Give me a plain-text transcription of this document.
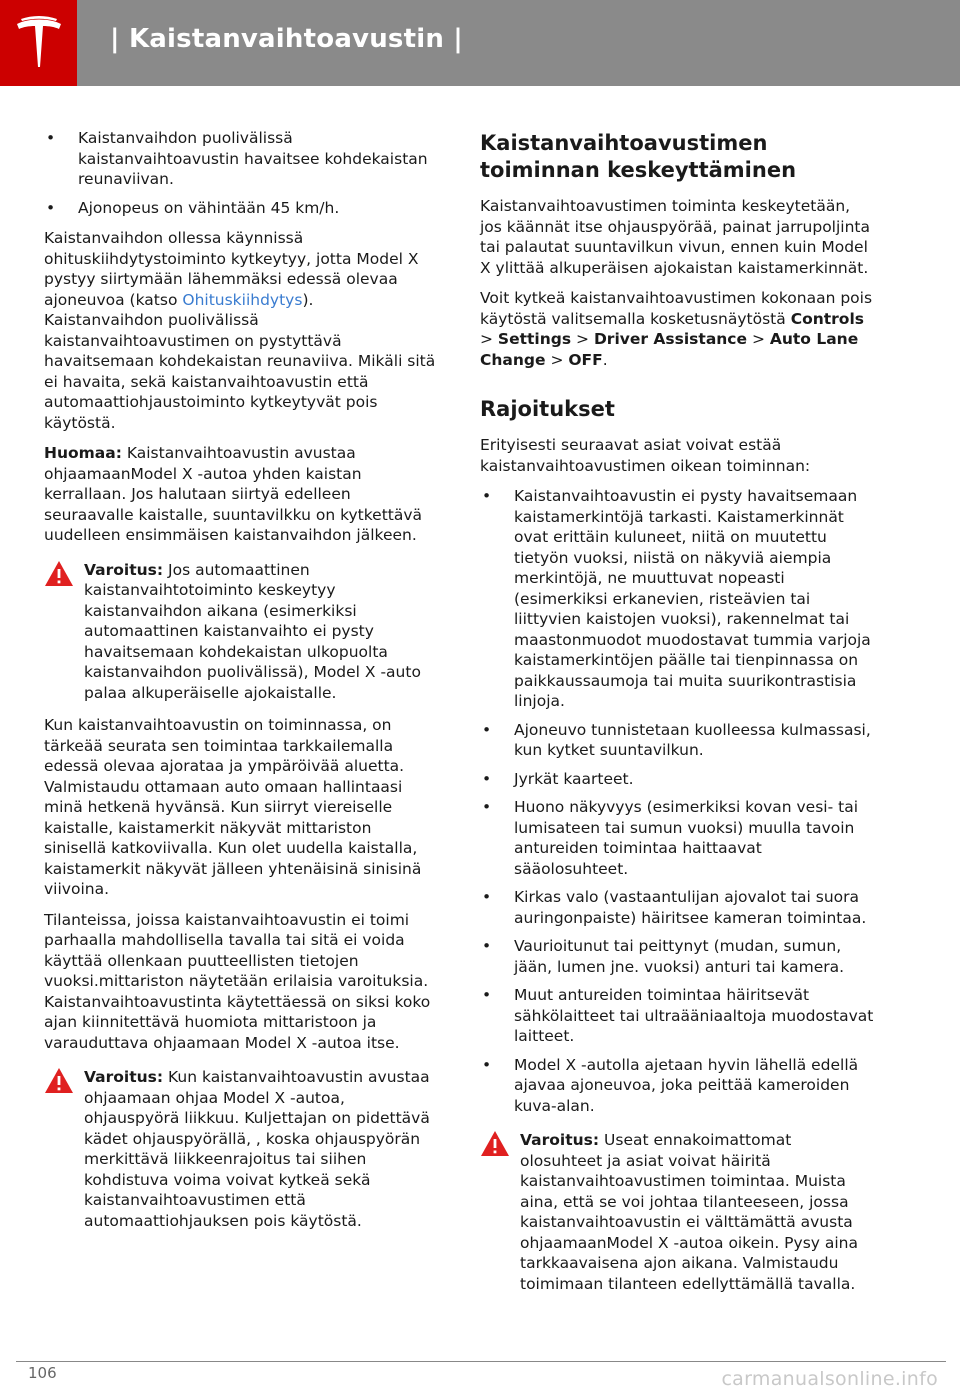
| Kaistanvaihtoavustin |
• Kaistanvaihdon puolivälissä kaistanvaihtoavustin havaitsee kohdekaistan reunaviivan.
• Ajonopeus on vähintään 45 km/h.

Kaistanvaihdon ollessa käynnissä ohituskiihdytystoiminto kytkeytyy, jotta Model X pystyy siirtymään lähemmäksi edessä olevaa ajoneuvoa (katso Ohituskiihdytys). Kaistanvaihdon puolivälissä kaistanvaihtoavustimen on pystyttävä havaitsemaan kohdekaistan reunaviiva. Mikäli sitä ei havaita, sekä kaistanvaihtoavustin että automaattiohjaustoiminto kytkeytyvät pois käytöstä.

Huomaa: Kaistanvaihtoavustin avustaa ohjaamaanModel X -autoa yhden kaistan kerrallaan. Jos halutaan siirtyä edelleen seuraavalle kaistalle, suuntavilkku on kytkettävä uudelleen ensimmäisen kaistanvaihdon jälkeen.

Varoitus: Jos automaattinen kaistanvaihtotoiminto keskeytyy kaistanvaihdon aikana (esimerkiksi automaattinen kaistanvaihto ei pysty havaitsemaan kohdekaistan ulkopuolta kaistanvaihdon puolivälissä), Model X -auto palaa alkuperäiselle ajokaistalle.

Kun kaistanvaihtoavustin on toiminnassa, on tärkeää seurata sen toimintaa tarkkailemalla edessä olevaa ajorataa ja ympäröivää aluetta. Valmistaudu ottamaan auto omaan hallintaasi minä hetkenä hyvänsä. Kun siirryt viereiselle kaistalle, kaistamerkit näkyvät mittariston sinisellä katkoviivalla. Kun olet uudella kaistalla, kaistamerkit näkyvät jälleen yhtenäisinä sinisinä viivoina.

Tilanteissa, joissa kaistanvaihtoavustin ei toimi parhaalla mahdollisella tavalla tai sitä ei voida käyttää ollenkaan puutteellisten tietojen vuoksi.mittariston näytetään erilaisia varoituksia. Kaistanvaihtoavustinta käytettäessä on siksi koko ajan kiinnitettävä huomiota mittaristoon ja varauduttava ohjaamaan Model X -autoa itse.

Varoitus: Kun kaistanvaihtoavustin avustaa ohjaamaan ohjaa Model X -autoa, ohjauspyörä liikkuu. Kuljettajan on pidettävä kädet ohjauspyörällä, , koska ohjauspyörän merkittävä liikkeenrajoitus tai siihen kohdistuva voima voivat kytkeä sekä kaistanvaihtoavustimen että automaattiohjauksen pois käytöstä.
Kaistanvaihtoavustimen toiminnan keskeyttäminen

Kaistanvaihtoavustimen toiminta keskeytetään, jos käännät itse ohjauspyörää, painat jarrupoljinta tai palautat suuntavilkun vivun, ennen kuin Model X ylittää alkuperäisen ajokaistan kaistamerkinnät.

Voit kytkeä kaistanvaihtoavustimen kokonaan pois käytöstä valitsemalla kosketusnäytöstä Controls > Settings > Driver Assistance > Auto Lane Change > OFF.

Rajoitukset

Erityisesti seuraavat asiat voivat estää kaistanvaihtoavustimen oikean toiminnan:

• Kaistanvaihtoavustin ei pysty havaitsemaan kaistamerkintöjä tarkasti. Kaistamerkinnät ovat erittäin kuluneet, niitä on muutettu tietyön vuoksi, niistä on näkyviä aiempia merkintöjä, ne muuttuvat nopeasti (esimerkiksi erkanevien, risteävien tai liittyvien kaistojen vuoksi), rakennelmat tai maastonmuodot muodostavat tummia varjoja kaistamerkintöjen päälle tai tienpinnassa on paikkaussaumoja tai muita suurikontrastisia linjoja.
• Ajoneuvo tunnistetaan kuolleessa kulmassasi, kun kytket suuntavilkun.
• Jyrkät kaarteet.
• Huono näkyvyys (esimerkiksi kovan vesi- tai lumisateen tai sumun vuoksi) muulla tavoin antureiden toimintaa haittaavat sääolosuhteet.
• Kirkas valo (vastaantulijan ajovalot tai suora auringonpaiste) häiritsee kameran toimintaa.
• Vaurioitunut tai peittynyt (mudan, sumun, jään, lumen jne. vuoksi) anturi tai kamera.
• Muut antureiden toimintaa häiritsevät sähkölaitteet tai ultraääniaaltoja muodostavat laitteet.
• Model X -autolla ajetaan hyvin lähellä edellä ajavaa ajoneuvoa, joka peittää kameroiden kuva-alan.
Varoitus: Useat ennakoimattomat olosuhteet ja asiat voivat häiritä kaistanvaihtoavustimen toimintaa. Muista aina, että se voi johtaa tilanteeseen, jossa kaistanvaihtoavustin ei välttämättä avusta ohjaamaanModel X -autoa oikein. Pysy aina tarkkaavaisena ajon aikana. Valmistaudu toimimaan tilanteen edellyttämällä tavalla.
106	carmanualsonline.info
